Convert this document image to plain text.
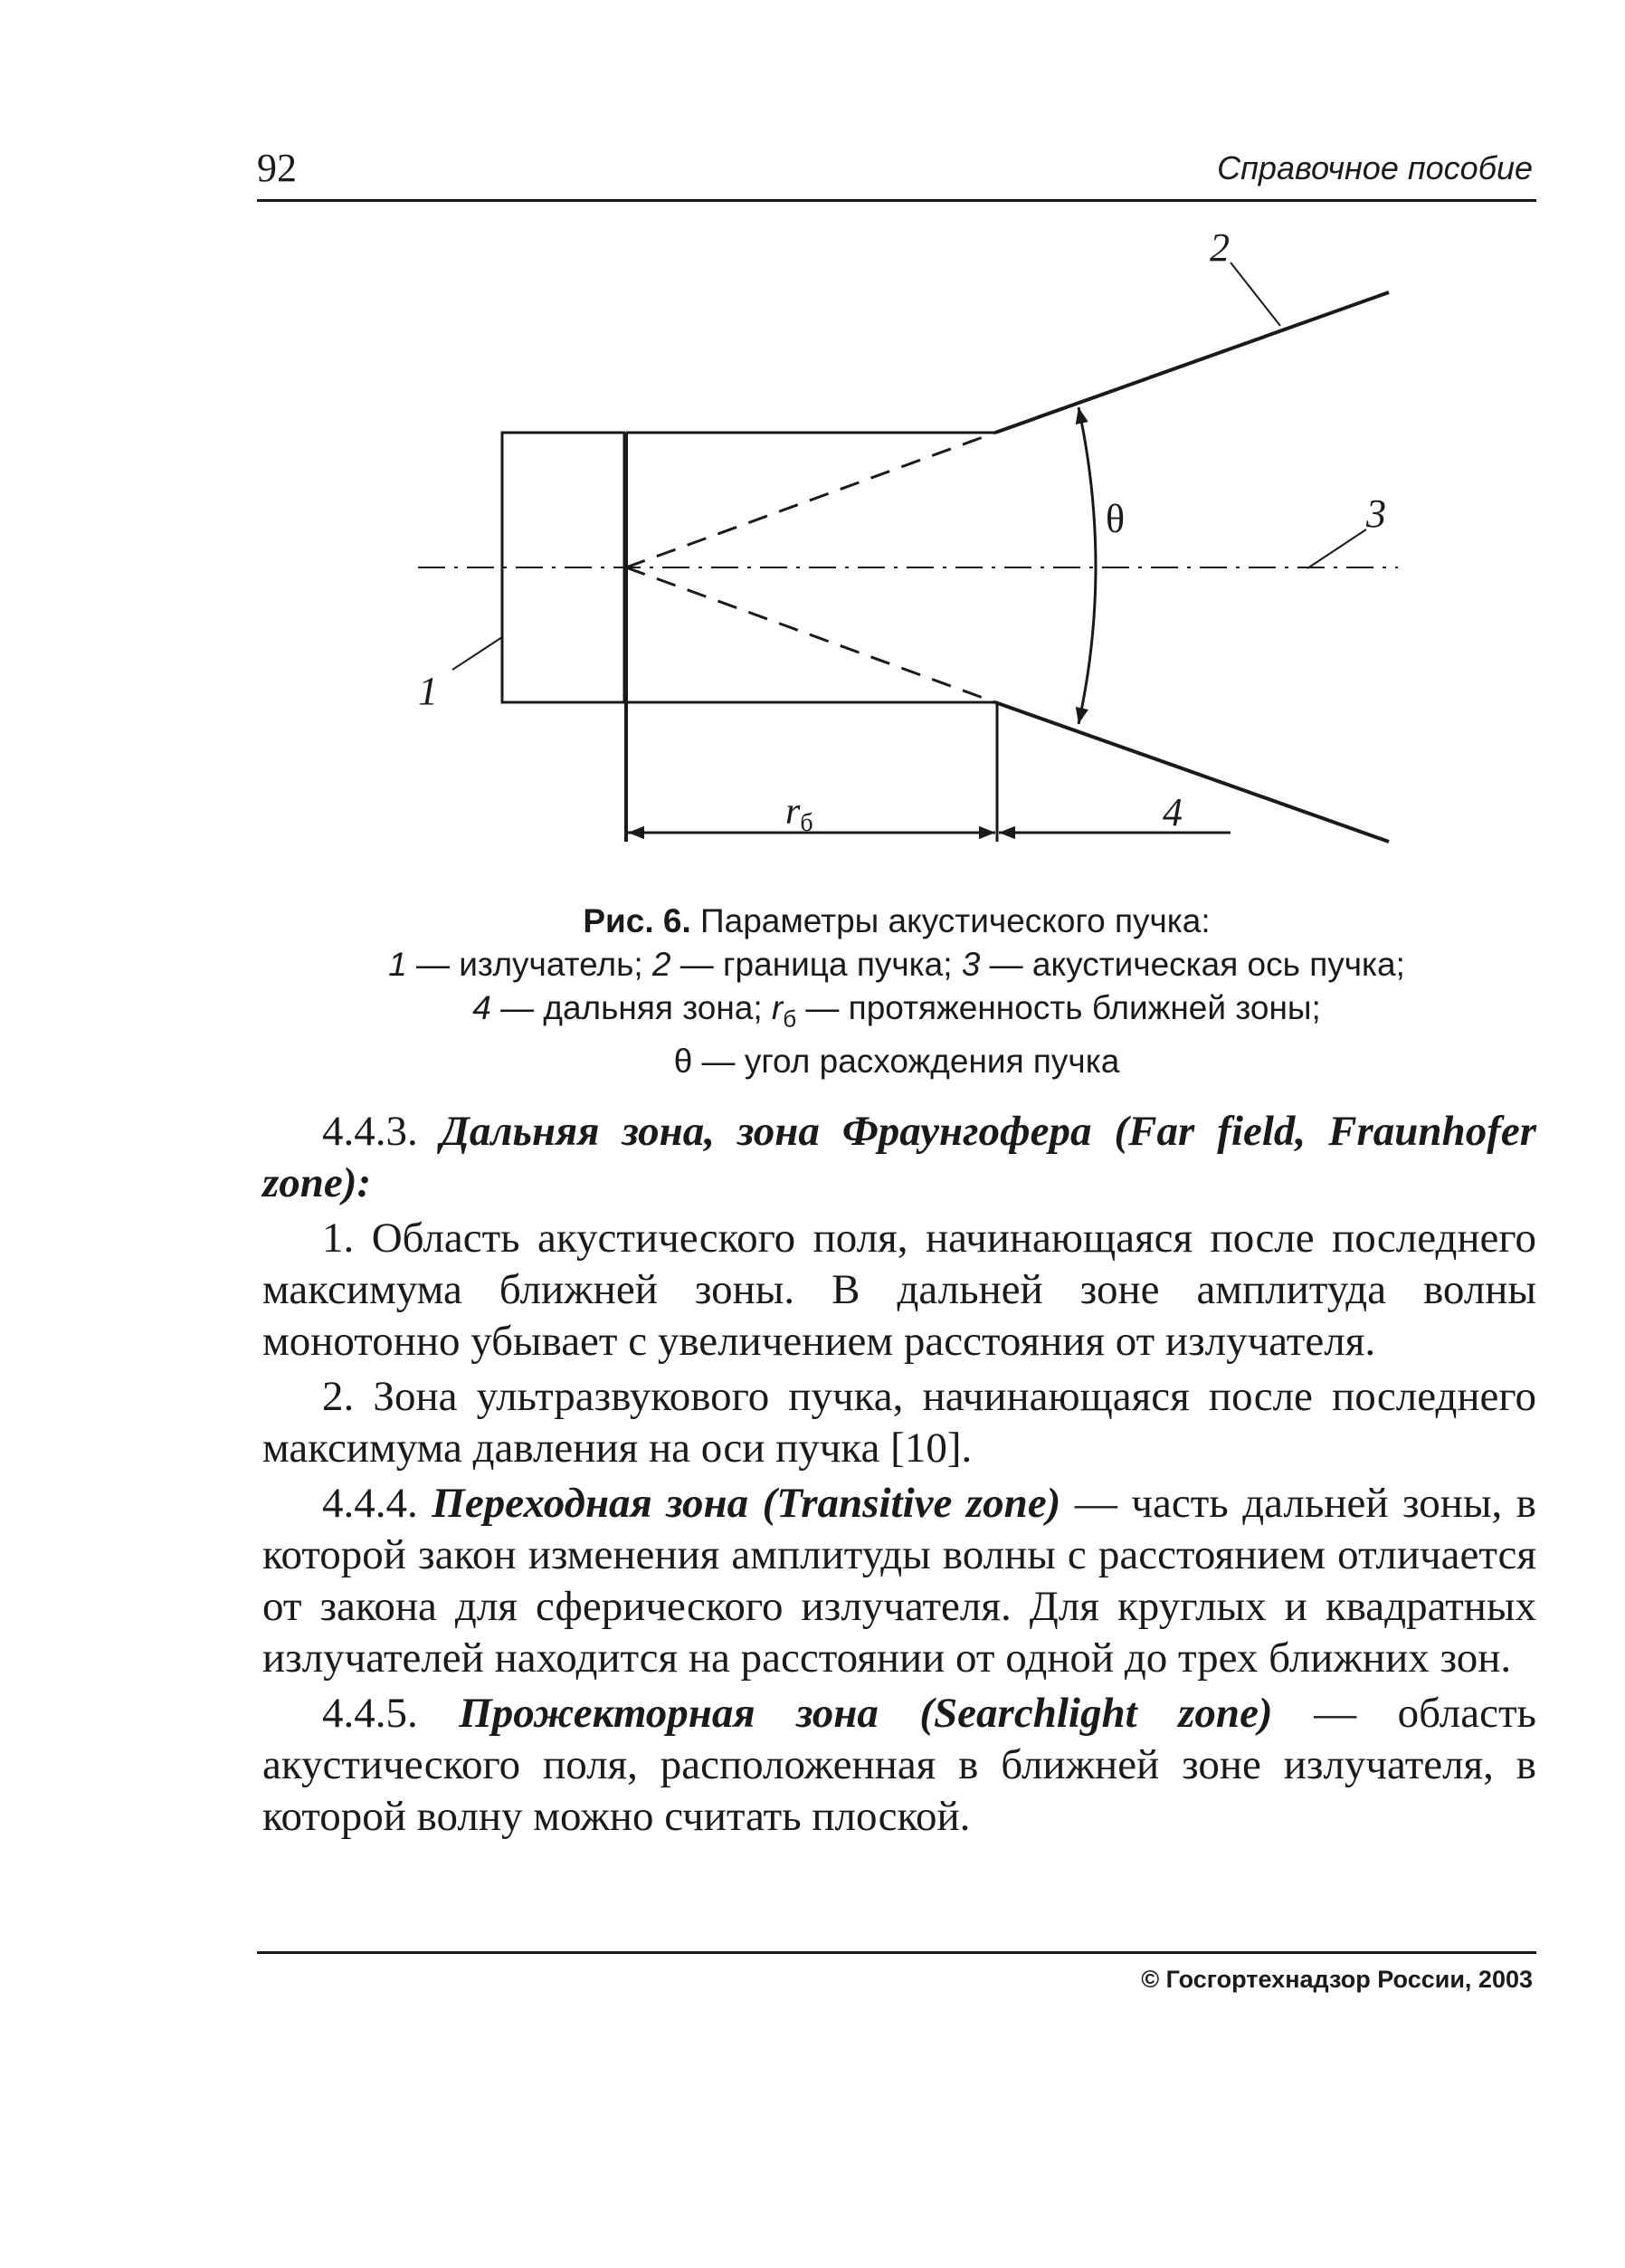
92	Справочное пособие
1
2
3
4
θ
rб

Рис. 6. Параметры акустического пучка:

1 — излучатель; 2 — граница пучка; 3 — акустическая ось пучка;

4 — дальняя зона; $r_б$ — протяженность ближней зоны;

θ — угол расхождения пучка

4.4.3. Дальняя зона, зона Фраунгофера (Far field, Fraunhofer zone):

1. Область акустического поля, начинающаяся после последнего максимума ближней зоны. В дальней зоне амплитуда волны монотонно убывает с увеличением расстояния от излучателя.

2. Зона ультразвукового пучка, начинающаяся после последнего максимума давления на оси пучка [10].

4.4.4. Переходная зона (Transitive zone) — часть дальней зоны, в которой закон изменения амплитуды волны с расстоянием отличается от закона для сферического излучателя. Для круглых и квадратных излучателей находится на расстоянии от одной до трех ближних зон.

4.4.5. Прожекторная зона (Searchlight zone) — область акустического поля, расположенная в ближней зоне излучателя, в которой волну можно считать плоской.

© Госгортехнадзор России, 2003
